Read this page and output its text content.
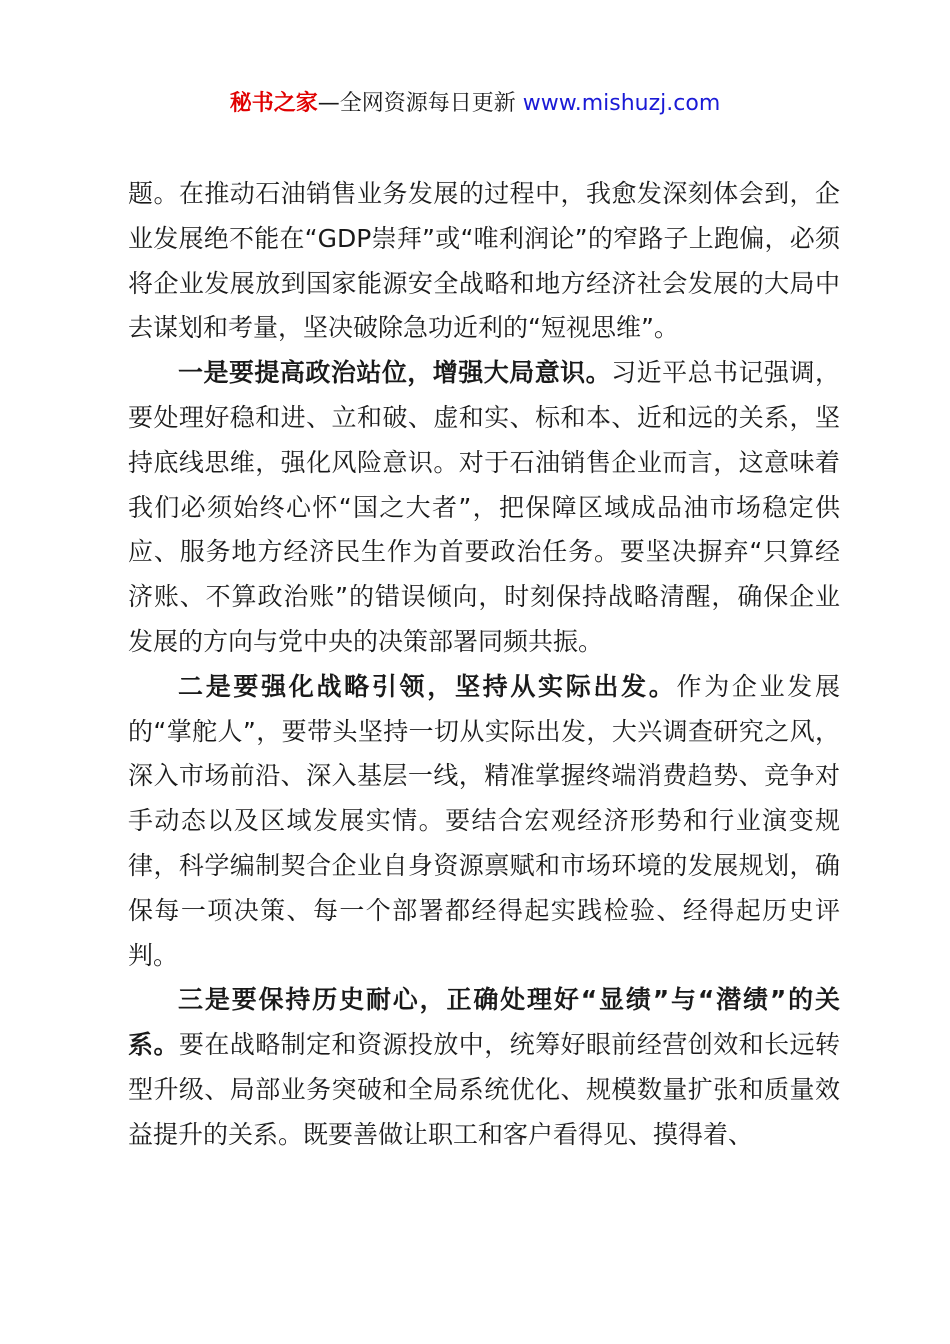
秘书之家—全网资源每日更新 www.mishuzj.com

题。在推动石油销售业务发展的过程中，我愈发深刻体会到，企业发展绝不能在“GDP崇拜”或“唯利润论”的窄路子上跑偏，必须将企业发展放到国家能源安全战略和地方经济社会发展的大局中去谋划和考量，坚决破除急功近利的“短视思维”。

一是要提高政治站位，增强大局意识。习近平总书记强调，要处理好稳和进、立和破、虚和实、标和本、近和远的关系，坚持底线思维，强化风险意识。对于石油销售企业而言，这意味着我们必须始终心怀“国之大者”，把保障区域成品油市场稳定供应、服务地方经济民生作为首要政治任务。要坚决摒弃“只算经济账、不算政治账”的错误倾向，时刻保持战略清醒，确保企业发展的方向与党中央的决策部署同频共振。

二是要强化战略引领，坚持从实际出发。作为企业发展的“掌舵人”，要带头坚持一切从实际出发，大兴调查研究之风，深入市场前沿、深入基层一线，精准掌握终端消费趋势、竞争对手动态以及区域发展实情。要结合宏观经济形势和行业演变规律，科学编制契合企业自身资源禀赋和市场环境的发展规划，确保每一项决策、每一个部署都经得起实践检验、经得起历史评判。

三是要保持历史耐心，正确处理好“显绩”与“潜绩”的关系。要在战略制定和资源投放中，统筹好眼前经营创效和长远转型升级、局部业务突破和全局系统优化、规模数量扩张和质量效益提升的关系。既要善做让职工和客户看得见、摸得着、
